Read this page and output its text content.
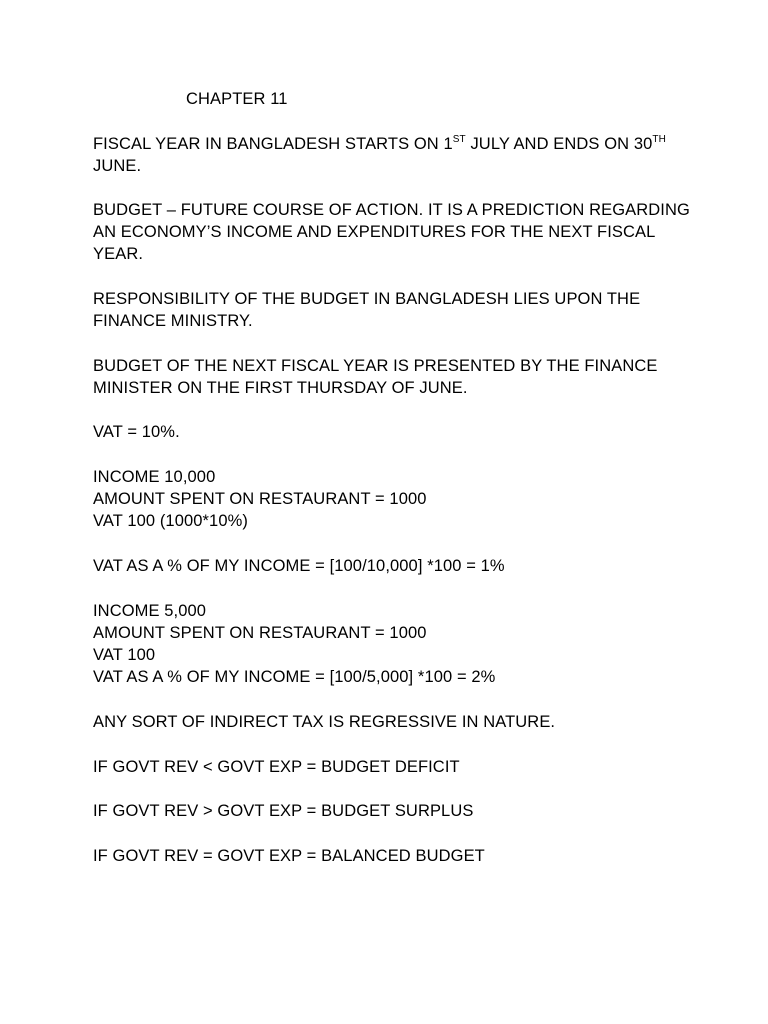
CHAPTER 11
FISCAL YEAR IN BANGLADESH STARTS ON 1ST JULY AND ENDS ON 30TH
JUNE.
BUDGET – FUTURE COURSE OF ACTION. IT IS A PREDICTION REGARDING
AN ECONOMY’S INCOME AND EXPENDITURES FOR THE NEXT FISCAL
YEAR.
RESPONSIBILITY OF THE BUDGET IN BANGLADESH LIES UPON THE
FINANCE MINISTRY.
BUDGET OF THE NEXT FISCAL YEAR IS PRESENTED BY THE FINANCE
MINISTER ON THE FIRST THURSDAY OF JUNE.
VAT = 10%.
INCOME 10,000
AMOUNT SPENT ON RESTAURANT = 1000
VAT 100 (1000*10%)
VAT AS A % OF MY INCOME = [100/10,000] *100 = 1%
INCOME 5,000
AMOUNT SPENT ON RESTAURANT = 1000
VAT 100
VAT AS A % OF MY INCOME = [100/5,000] *100 = 2%
ANY SORT OF INDIRECT TAX IS REGRESSIVE IN NATURE.
IF GOVT REV < GOVT EXP = BUDGET DEFICIT
IF GOVT REV > GOVT EXP = BUDGET SURPLUS
IF GOVT REV = GOVT EXP = BALANCED BUDGET
